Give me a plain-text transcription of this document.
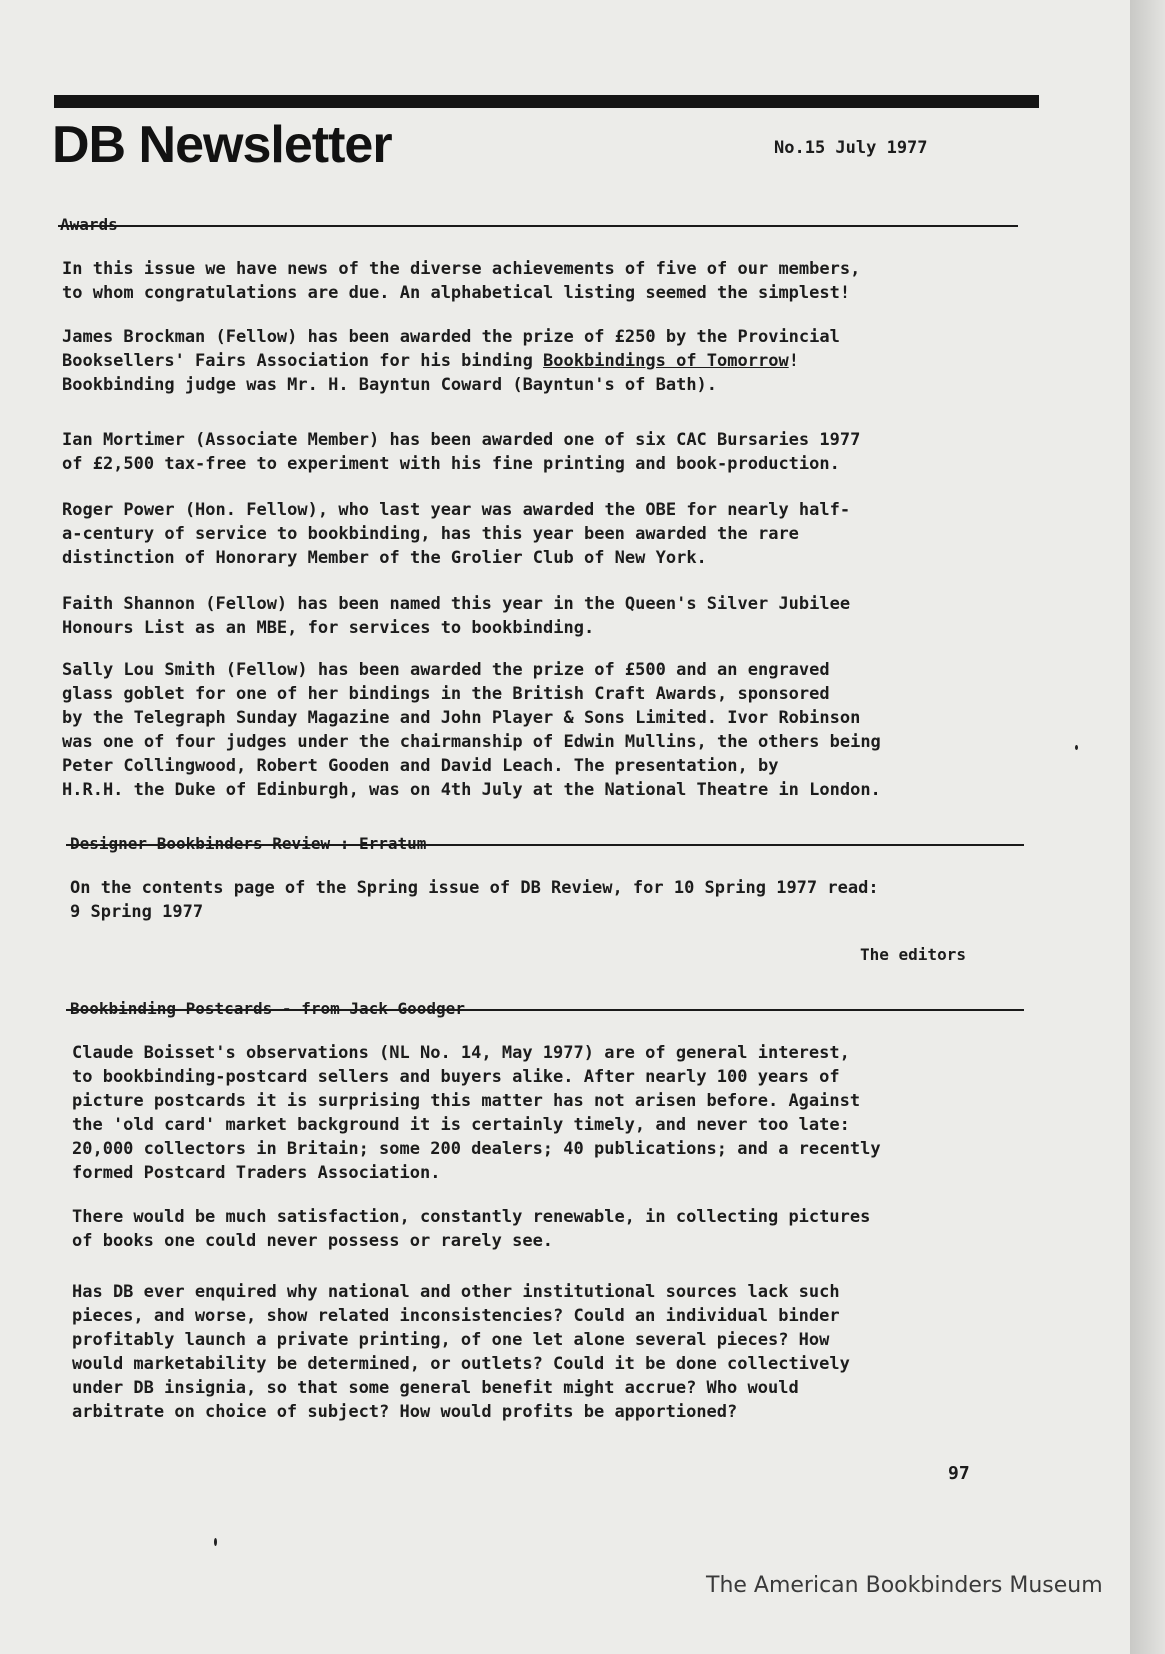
DB Newsletter	No.15 July 1977
In this issue we have news of the diverse achievements of five of our members,
to whom congratulations are due. An alphabetical listing seemed the simplest!
James Brockman (Fellow) has been awarded the prize of £250 by the Provincial
Booksellers' Fairs Association for his binding Bookbindings of Tomorrow!
Bookbinding judge was Mr. H. Bayntun Coward (Bayntun's of Bath).
Ian Mortimer (Associate Member) has been awarded one of six CAC Bursaries 1977
of £2,500 tax-free to experiment with his fine printing and book-production.
Roger Power (Hon. Fellow), who last year was awarded the OBE for nearly half-
a-century of service to bookbinding, has this year been awarded the rare
distinction of Honorary Member of the Grolier Club of New York.
Faith Shannon (Fellow) has been named this year in the Queen's Silver Jubilee
Honours List as an MBE, for services to bookbinding.
Sally Lou Smith (Fellow) has been awarded the prize of £500 and an engraved
glass goblet for one of her bindings in the British Craft Awards, sponsored
by the Telegraph Sunday Magazine and John Player & Sons Limited. Ivor Robinson
was one of four judges under the chairmanship of Edwin Mullins, the others being
Peter Collingwood, Robert Gooden and David Leach. The presentation, by
H.R.H. the Duke of Edinburgh, was on 4th July at the National Theatre in London.
On the contents page of the Spring issue of DB Review, for 10 Spring 1977 read:
9 Spring 1977
The editors
Claude Boisset's observations (NL No. 14, May 1977) are of general interest,
to bookbinding-postcard sellers and buyers alike. After nearly 100 years of
picture postcards it is surprising this matter has not arisen before. Against
the 'old card' market background it is certainly timely, and never too late:
20,000 collectors in Britain; some 200 dealers; 40 publications; and a recently
formed Postcard Traders Association.
There would be much satisfaction, constantly renewable, in collecting pictures
of books one could never possess or rarely see.
Has DB ever enquired why national and other institutional sources lack such
pieces, and worse, show related inconsistencies? Could an individual binder
profitably launch a private printing, of one let alone several pieces? How
would marketability be determined, or outlets? Could it be done collectively
under DB insignia, so that some general benefit might accrue? Who would
arbitrate on choice of subject? How would profits be apportioned?
97
The American Bookbinders Museum
